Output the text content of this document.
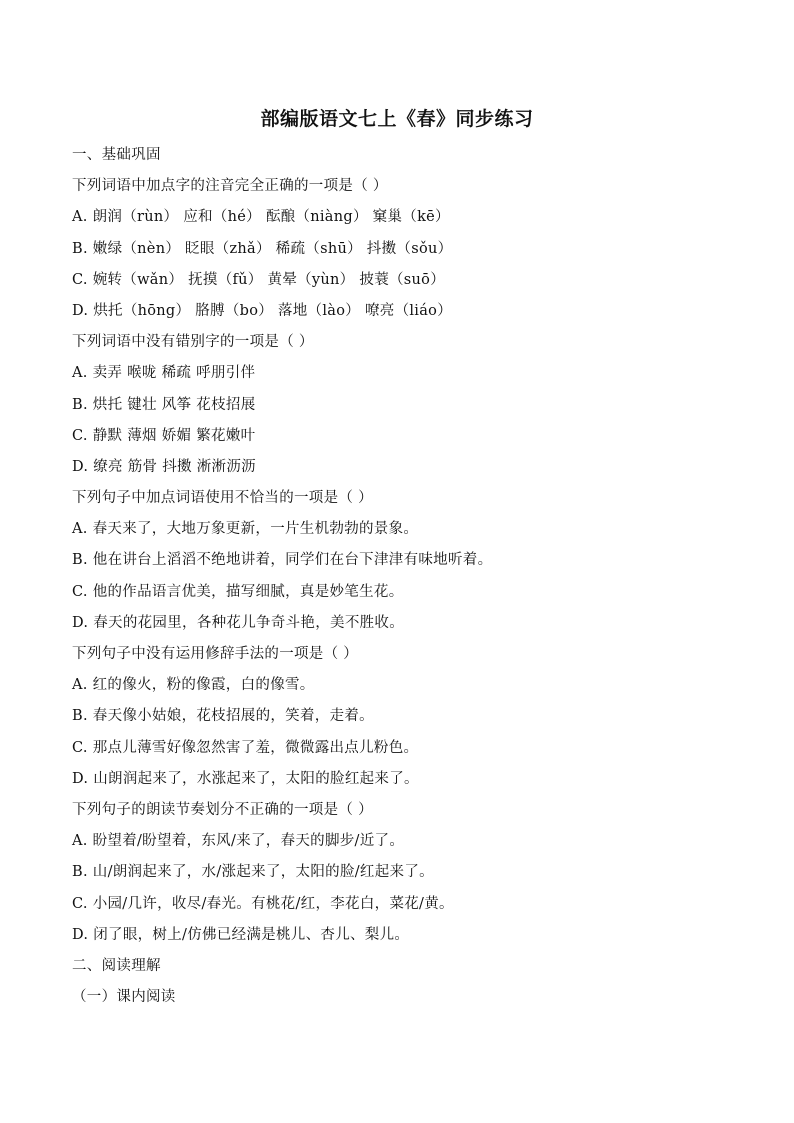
部编版语文七上《春》同步练习
一、基础巩固
下列词语中加点字的注音完全正确的一项是（ ）
A. 朗润（rùn） 应和（hé） 酝酿（niàng） 窠巢（kē）
B. 嫩绿（nèn） 眨眼（zhǎ） 稀疏（shū） 抖擞（sǒu）
C. 婉转（wǎn） 抚摸（fǔ） 黄晕（yùn） 披蓑（suō）
D. 烘托（hōng） 胳膊（bo） 落地（lào） 嘹亮（liáo）
下列词语中没有错别字的一项是（ ）
A. 卖弄 喉咙 稀疏 呼朋引伴
B. 烘托 键壮 风筝 花枝招展
C. 静默 薄烟 娇媚 繁花嫩叶
D. 缭亮 筋骨 抖擞 淅淅沥沥
下列句子中加点词语使用不恰当的一项是（ ）
A. 春天来了，大地万象更新，一片生机勃勃的景象。
B. 他在讲台上滔滔不绝地讲着，同学们在台下津津有味地听着。
C. 他的作品语言优美，描写细腻，真是妙笔生花。
D. 春天的花园里，各种花儿争奇斗艳，美不胜收。
下列句子中没有运用修辞手法的一项是（ ）
A. 红的像火，粉的像霞，白的像雪。
B. 春天像小姑娘，花枝招展的，笑着，走着。
C. 那点儿薄雪好像忽然害了羞，微微露出点儿粉色。
D. 山朗润起来了，水涨起来了，太阳的脸红起来了。
下列句子的朗读节奏划分不正确的一项是（ ）
A. 盼望着/盼望着，东风/来了，春天的脚步/近了。
B. 山/朗润起来了，水/涨起来了，太阳的脸/红起来了。
C. 小园/几许，收尽/春光。有桃花/红，李花白，菜花/黄。
D. 闭了眼，树上/仿佛已经满是桃儿、杏儿、梨儿。
二、阅读理解
（一）课内阅读
